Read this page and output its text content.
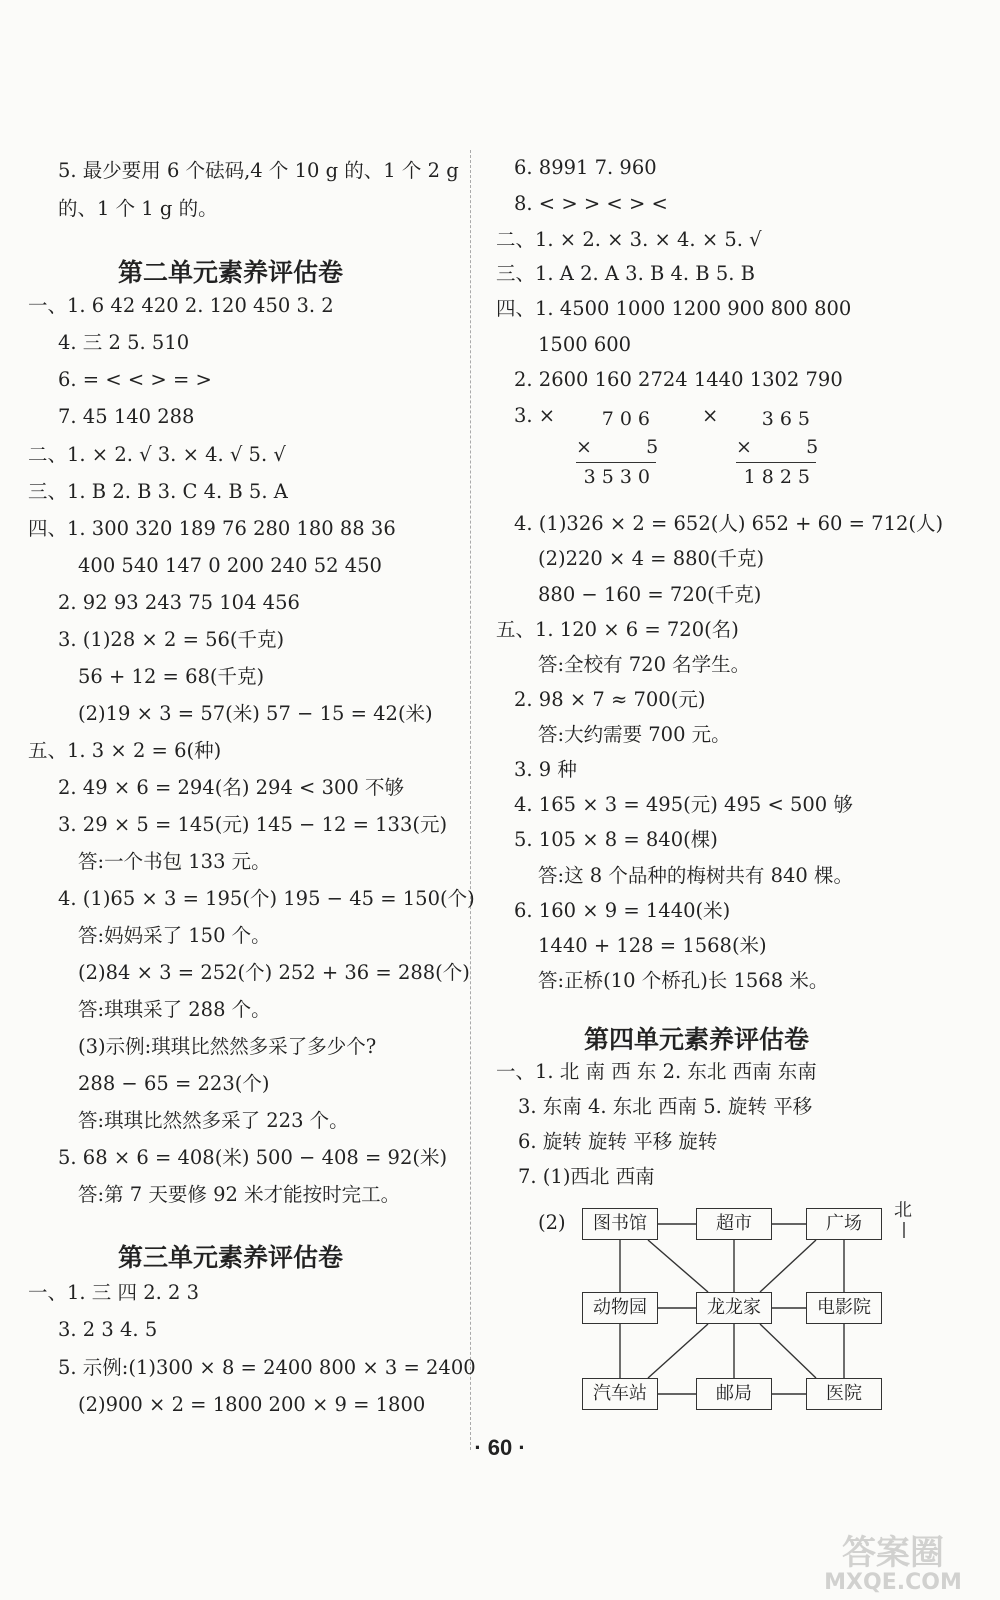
5. 最少要用 6 个砝码,4 个 10 g 的、1 个 2 g
的、1 个 1 g 的。
第二单元素养评估卷
一、1. 6 42 420 2. 120 450 3. 2
4. 三 2 5. 510
6. = < < > = >
7. 45 140 288
二、1. × 2. √ 3. × 4. √ 5. √
三、1. B 2. B 3. C 4. B 5. A
四、1. 300 320 189 76 280 180 88 36
400 540 147 0 200 240 52 450
2. 92 93 243 75 104 456
3. (1)28 × 2 = 56(千克)
56 + 12 = 68(千克)
(2)19 × 3 = 57(米) 57 − 15 = 42(米)
五、1. 3 × 2 = 6(种)
2. 49 × 6 = 294(名) 294 < 300 不够
3. 29 × 5 = 145(元) 145 − 12 = 133(元)
答:一个书包 133 元。
4. (1)65 × 3 = 195(个) 195 − 45 = 150(个)
答:妈妈采了 150 个。
(2)84 × 3 = 252(个) 252 + 36 = 288(个)
答:琪琪采了 288 个。
(3)示例:琪琪比然然多采了多少个?
288 − 65 = 223(个)
答:琪琪比然然多采了 223 个。
5. 68 × 6 = 408(米) 500 − 408 = 92(米)
答:第 7 天要修 92 米才能按时完工。
第三单元素养评估卷
一、1. 三 四 2. 2 3
3. 2 3 4. 5
5. 示例:(1)300 × 8 = 2400 800 × 3 = 2400
(2)900 × 2 = 1800 200 × 9 = 1800
6. 8991 7. 960
8. < > > < > <
二、1. × 2. × 3. × 4. × 5. √
三、1. A 2. A 3. B 4. B 5. B
四、1. 4500 1000 1200 900 800 800
1500 600
2. 2600 160 2724 1440 1302 790
3. ×	706
×    5
3530
×	365
×    5
1825
4. (1)326 × 2 = 652(人) 652 + 60 = 712(人)
(2)220 × 4 = 880(千克)
880 − 160 = 720(千克)
五、1. 120 × 6 = 720(名)
答:全校有 720 名学生。
2. 98 × 7 ≈ 700(元)
答:大约需要 700 元。
3. 9 种
4. 165 × 3 = 495(元) 495 < 500 够
5. 105 × 8 = 840(棵)
答:这 8 个品种的梅树共有 840 棵。
6. 160 × 9 = 1440(米)
1440 + 128 = 1568(米)
答:正桥(10 个桥孔)长 1568 米。
第四单元素养评估卷
一、1. 北 南 西 东 2. 东北 西南 东南
3. 东南 4. 东北 西南 5. 旋转 平移
6. 旋转 旋转 平移 旋转
7. (1)西北 西南
(2)
北
图书馆	超市	广场
动物园	龙龙家	电影院
汽车站	邮局	医院
· 60 ·
答案圈
MXQE.COM
